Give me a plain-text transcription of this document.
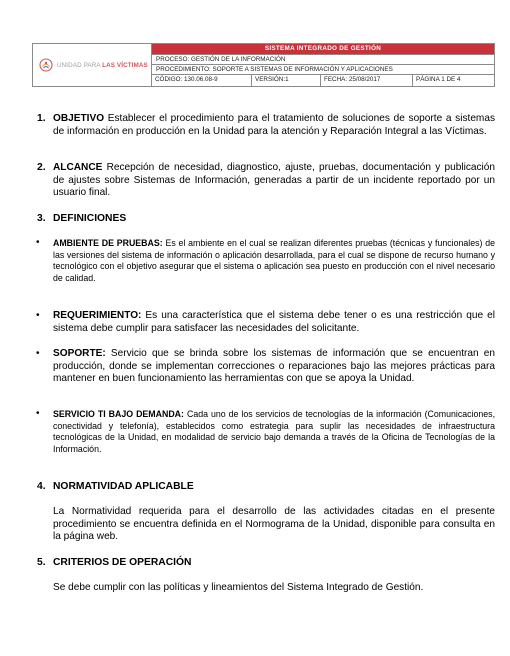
UNIDAD PARA LAS VÍCTIMAS
SISTEMA INTEGRADO DE GESTIÓN
PROCESO: GESTIÓN DE LA INFORMACIÓN
PROCEDIMIENTO: SOPORTE A SISTEMAS DE INFORMACIÓN Y APLICACIONES
CÓDIGO: 130.06.08-9	VERSIÓN:1	FECHA: 25/08/2017	PÁGINA 1 DE 4
1. OBJETIVO Establecer el procedimiento para el tratamiento de soluciones de soporte a sistemas de información en producción en la Unidad para la atención y Reparación Integral a las Víctimas.
2. ALCANCE Recepción de necesidad, diagnostico, ajuste, pruebas, documentación y publicación de ajustes sobre Sistemas de Información, generadas a partir de un incidente reportado por un usuario final.
3. DEFINICIONES
• AMBIENTE DE PRUEBAS: Es el ambiente en el cual se realizan diferentes pruebas (técnicas y funcionales) de las versiones del sistema de información o aplicación desarrollada, para el cual se dispone de recurso humano y tecnológico con el objetivo asegurar que el sistema o aplicación sea puesto en producción con el nivel necesario de calidad.
• REQUERIMIENTO: Es una característica que el sistema debe tener o es una restricción que el sistema debe cumplir para satisfacer las necesidades del solicitante.
• SOPORTE: Servicio que se brinda sobre los sistemas de información que se encuentran en producción, donde se implementan correcciones o reparaciones bajo las mejores prácticas para mantener en buen funcionamiento las herramientas con que se apoya la Unidad.
• SERVICIO TI BAJO DEMANDA: Cada uno de los servicios de tecnologías de la información (Comunicaciones, conectividad y telefonía), establecidos como estrategia para suplir las necesidades de infraestructura tecnológicas de la Unidad, en modalidad de servicio bajo demanda a través de la Oficina de Tecnologías de la Información.
4. NORMATIVIDAD APLICABLE
La Normatividad requerida para el desarrollo de las actividades citadas en el presente procedimiento se encuentra definida en el Normograma de la Unidad, disponible para consulta en la página web.
5. CRITERIOS DE OPERACIÓN
Se debe cumplir con las políticas y lineamientos del Sistema Integrado de Gestión.
